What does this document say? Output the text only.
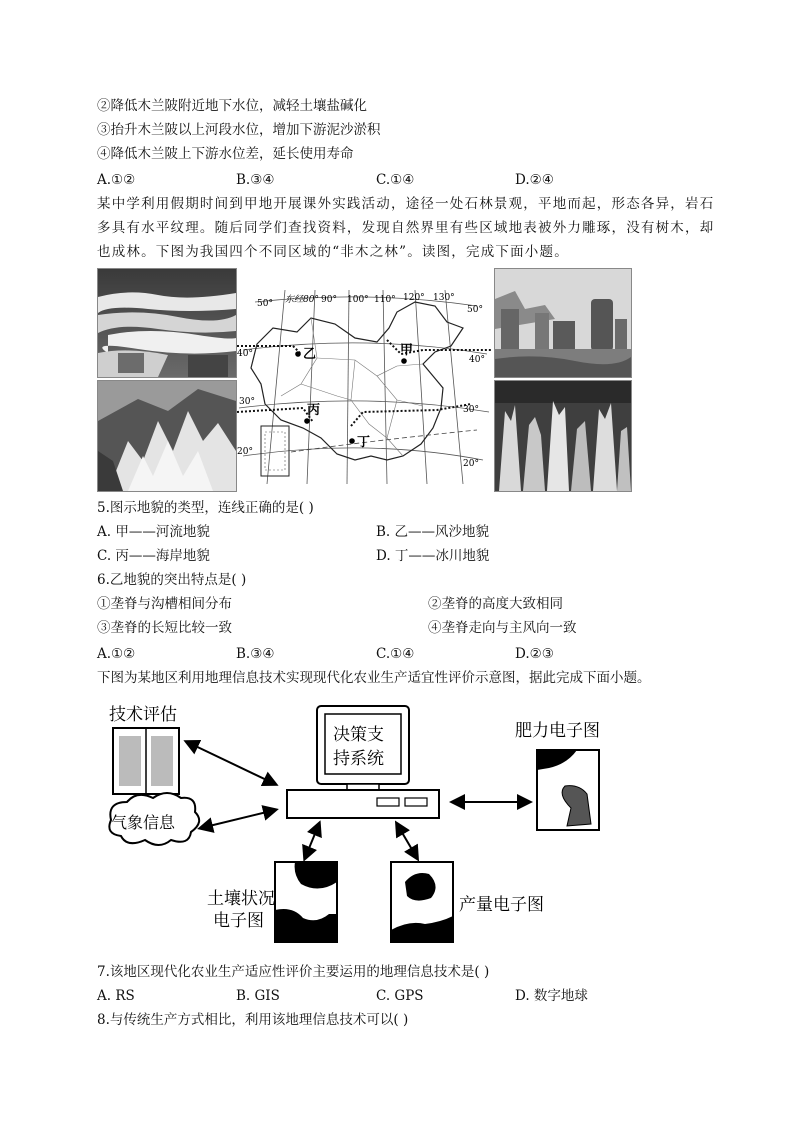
②降低木兰陂附近地下水位，减轻土壤盐碱化
③抬升木兰陂以上河段水位，增加下游泥沙淤积
④降低木兰陂上下游水位差，延长使用寿命
A.①②	B.③④	C.①④	D.②④
某中学利用假期时间到甲地开展课外实践活动，途径一处石林景观，平地而起，形态各异，岩石
多具有水平纹理。随后同学们查找资料，发现自然界里有些区域地表被外力雕琢，没有树木，却
也成林。下图为我国四个不同区域的“非木之林”。读图，完成下面小题。
50°
40°
30°
20°
50°
40°
30°
20°
东经80° 90° 100° 110° 120° 130°
甲
乙
丙
丁
5.图示地貌的类型，连线正确的是( )
A. 甲——河流地貌	B. 乙——风沙地貌
C. 丙——海岸地貌	D. 丁——冰川地貌
6.乙地貌的突出特点是( )
①垄脊与沟槽相间分布	②垄脊的高度大致相同
③垄脊的长短比较一致	④垄脊走向与主风向一致
A.①②	B.③④	C.①④	D.②③
下图为某地区利用地理信息技术实现现代化农业生产适宜性评价示意图，据此完成下面小题。
技术评估
气象信息
决策支
持系统
肥力电子图
土壤状况
电子图
产量电子图
7.该地区现代化农业生产适应性评价主要运用的地理信息技术是( )
A. RS	B. GIS	C. GPS	D. 数字地球
8.与传统生产方式相比，利用该地理信息技术可以( )
